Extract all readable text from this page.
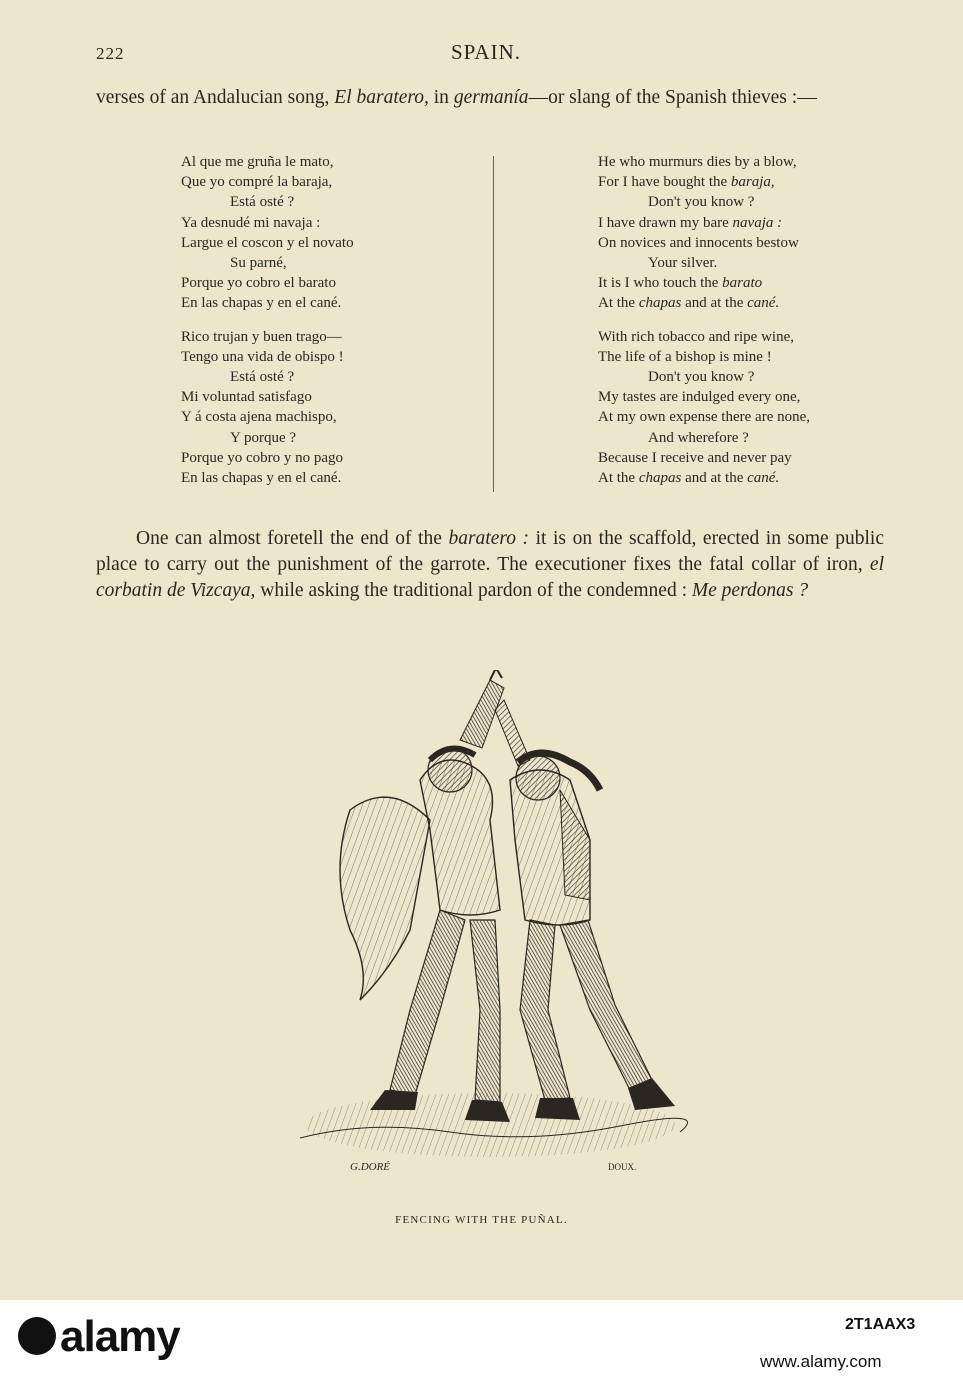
222	SPAIN.
verses of an Andalucian song, El baratero, in germanía—or slang of the Spanish thieves :—
Al que me gruña le mato,
Que yo compré la baraja,
Está osté ?
Ya desnudé mi navaja :
Largue el coscon y el novato
Su parné,
Porque yo cobro el barato
En las chapas y en el cané.
Rico trujan y buen trago—
Tengo una vida de obispo !
Está osté ?
Mi voluntad satisfago
Y á costa ajena machispo,
Y porque ?
Porque yo cobro y no pago
En las chapas y en el cané.
He who murmurs dies by a blow,
For I have bought the baraja,
Don't you know ?
I have drawn my bare navaja :
On novices and innocents bestow
Your silver.
It is I who touch the barato
At the chapas and at the cané.
With rich tobacco and ripe wine,
The life of a bishop is mine !
Don't you know ?
My tastes are indulged every one,
At my own expense there are none,
And wherefore ?
Because I receive and never pay
At the chapas and at the cané.
One can almost foretell the end of the baratero : it is on the scaffold, erected in some public place to carry out the punishment of the garrote. The executioner fixes the fatal collar of iron, el corbatin de Vizcaya, while asking the traditional pardon of the condemned : Me perdonas ?
G.DORÉ	DOUX.
FENCING WITH THE PUÑAL.
alamy	2T1AAX3
www.alamy.com
